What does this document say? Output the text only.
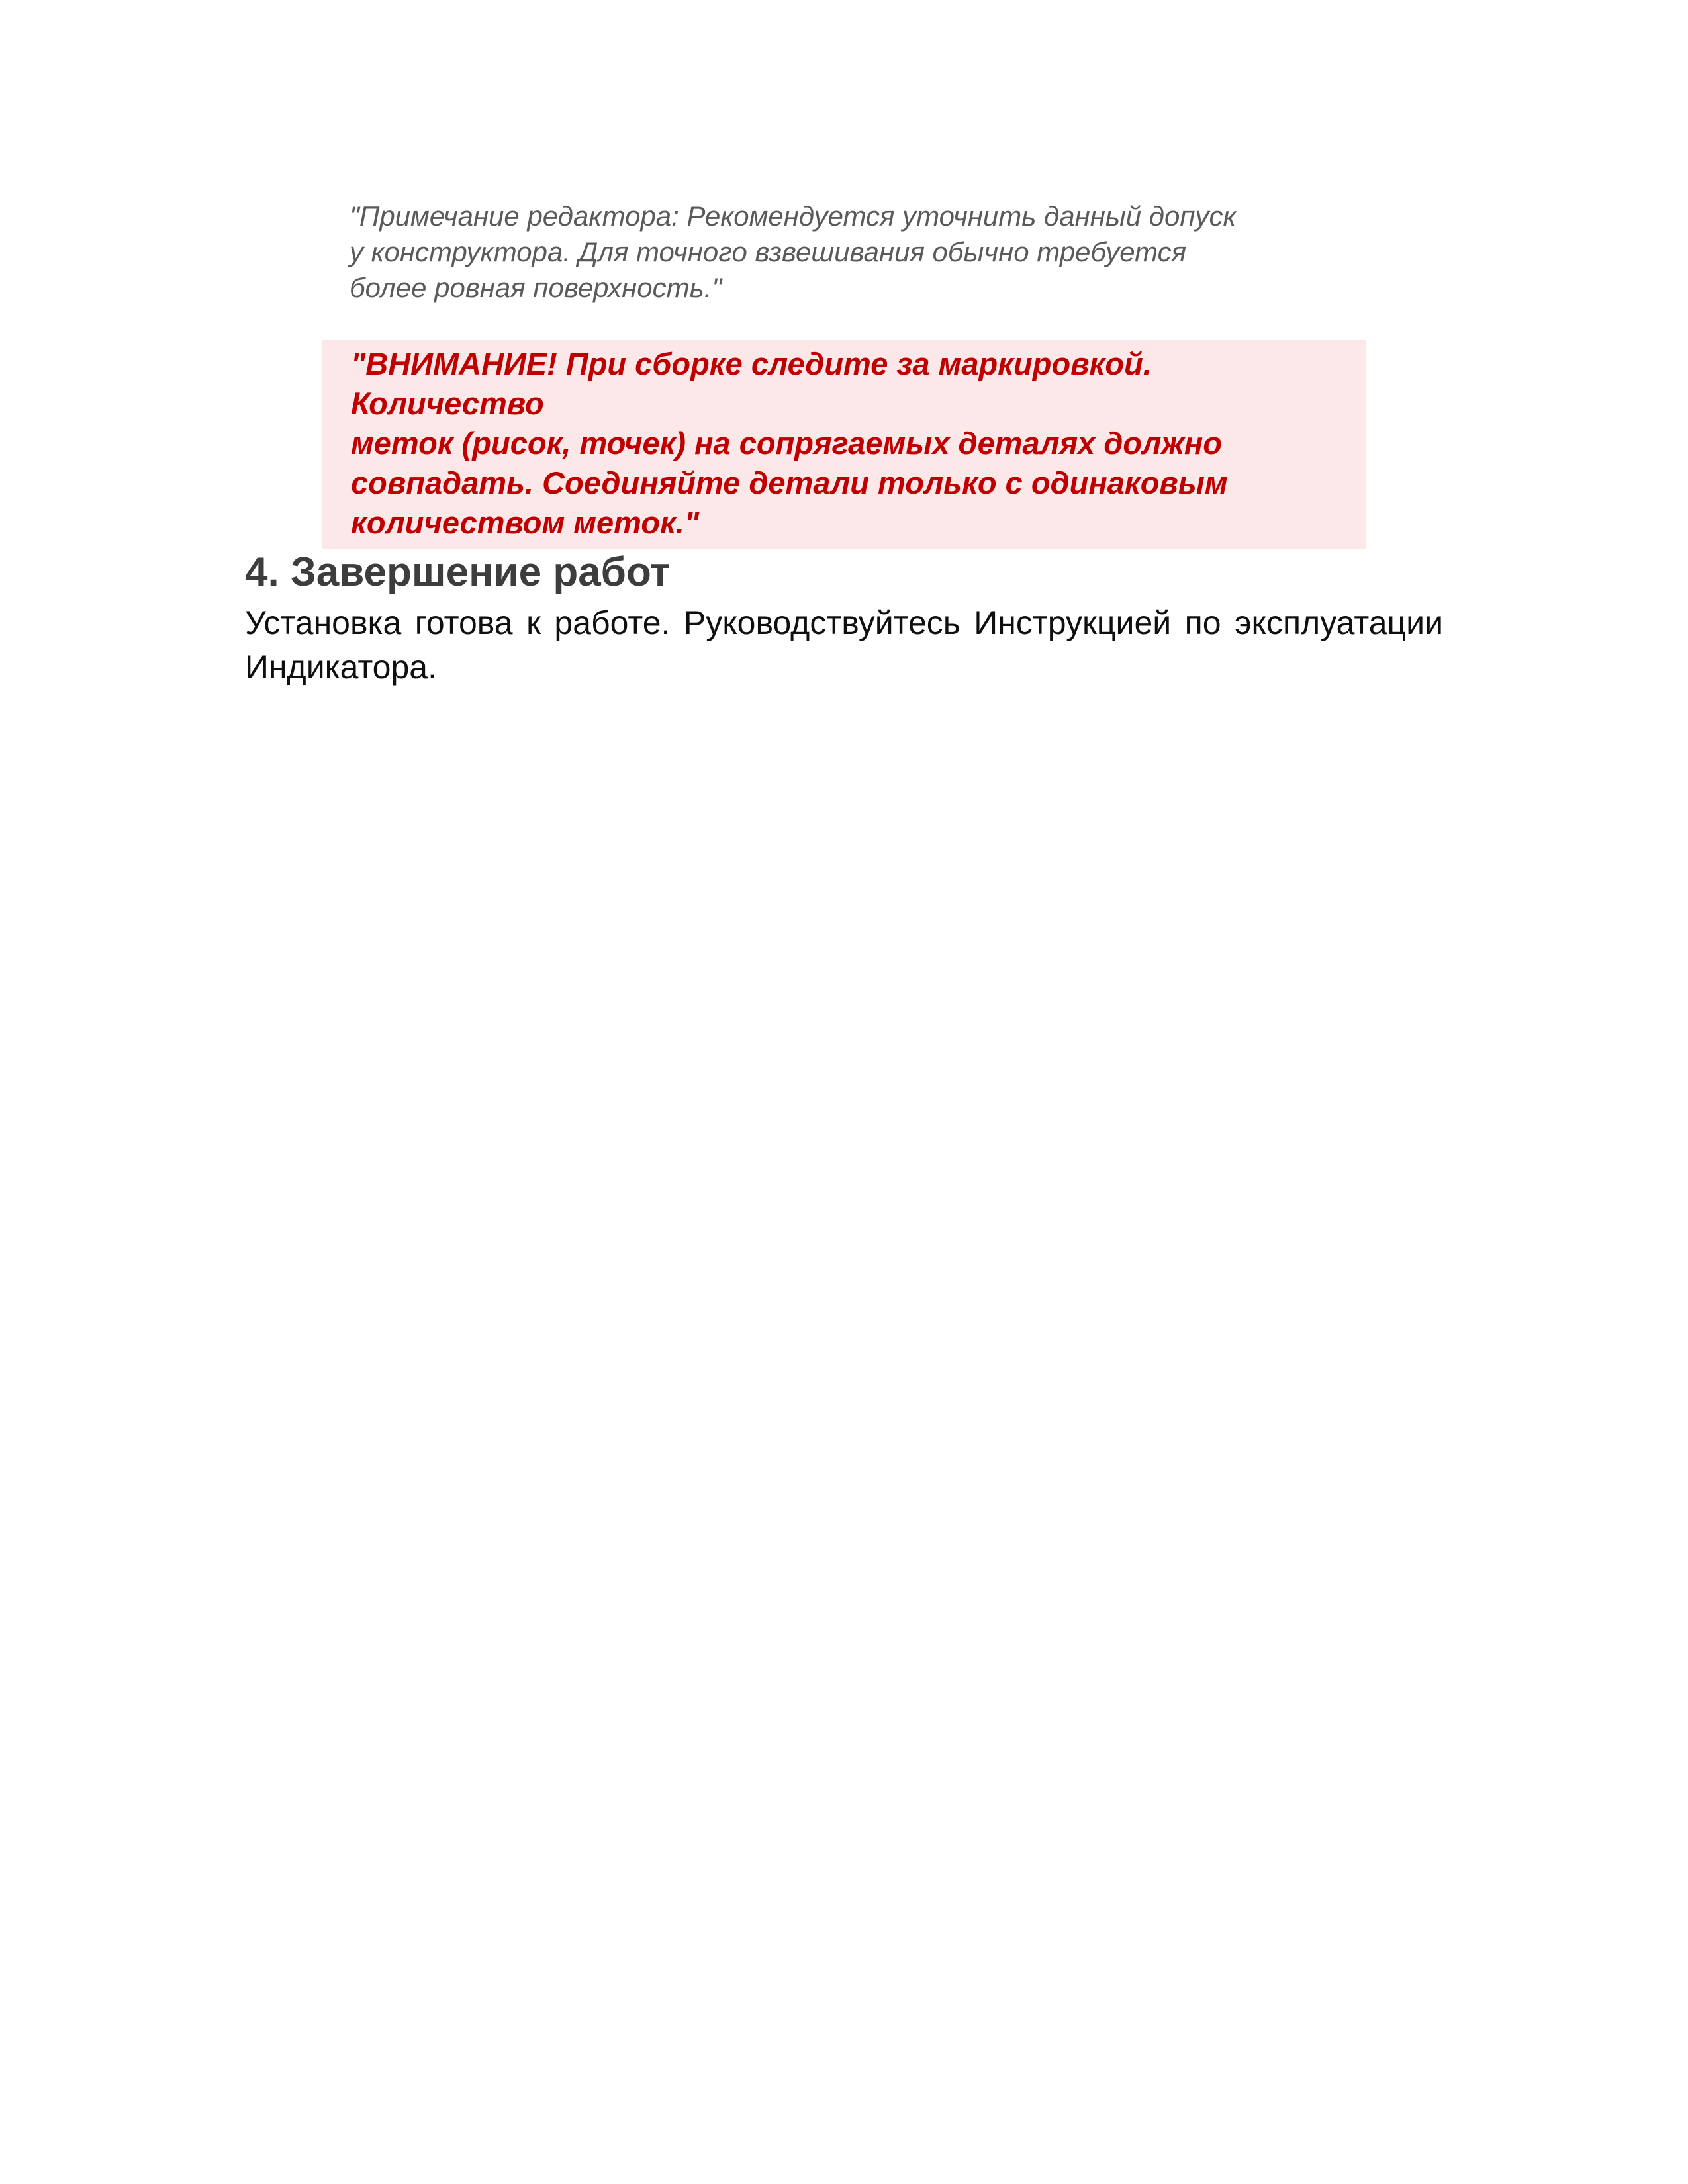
"Примечание редактора: Рекомендуется уточнить данный допуск
у конструктора. Для точного взвешивания обычно требуется
более ровная поверхность."
"ВНИМАНИЕ! При сборке следите за маркировкой. Количество
меток (рисок, точек) на сопрягаемых деталях должно
совпадать. Соединяйте детали только с одинаковым
количеством меток."
4. Завершение работ
Установка готова к работе. Руководствуйтесь Инструкцией по эксплуатации
Индикатора.
